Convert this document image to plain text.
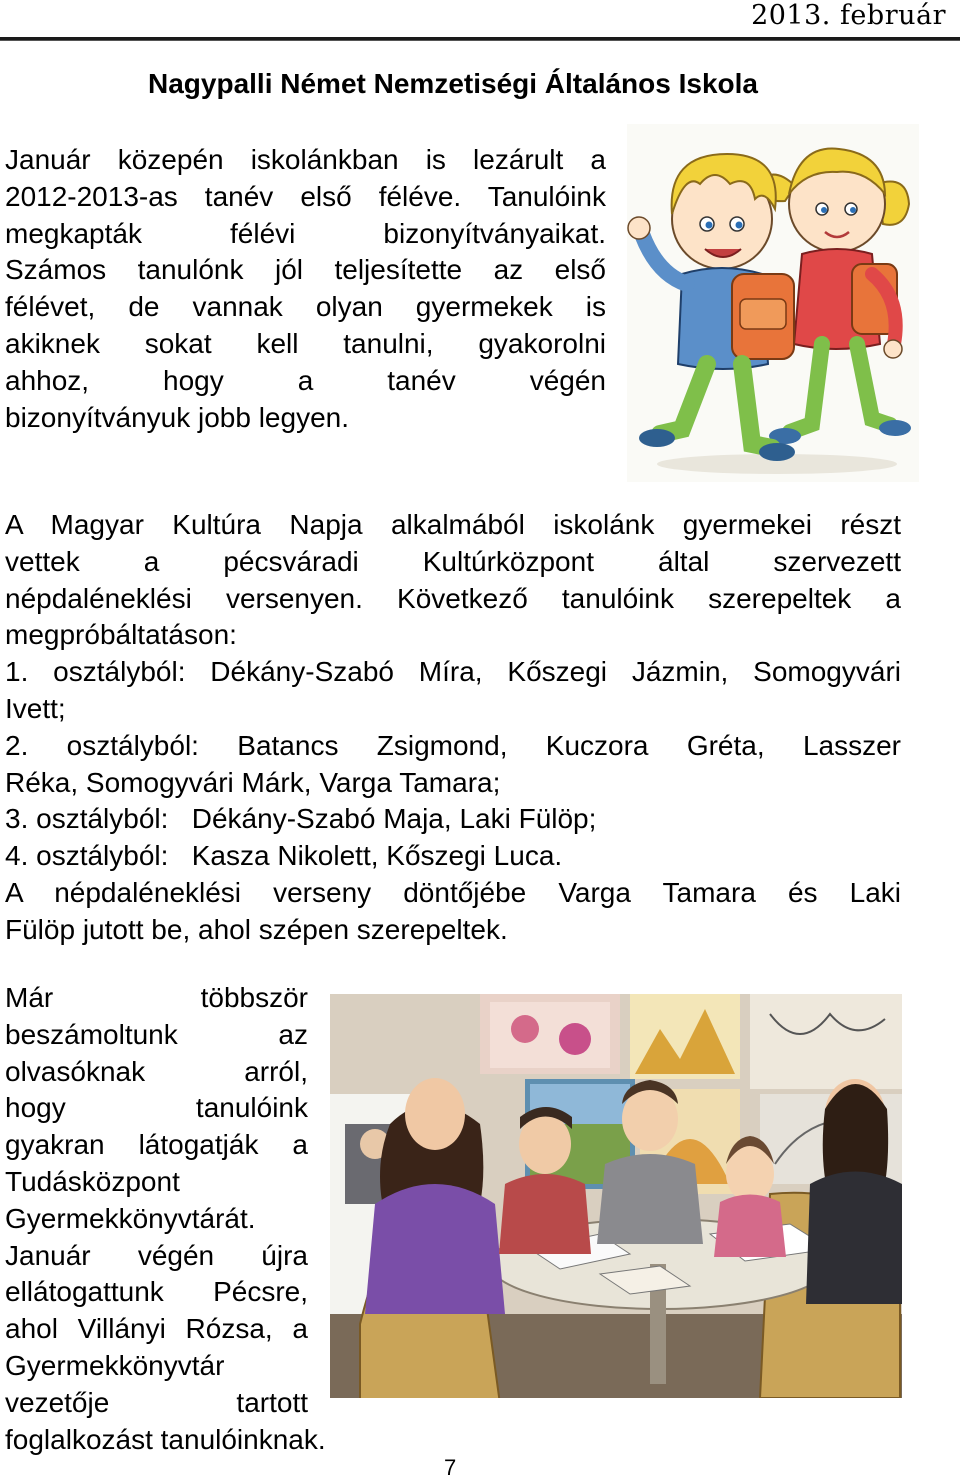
2013. február
Nagypalli Német Nemzetiségi Általános Iskola
Január közepén iskolánkban is lezárult a
2012-2013-as tanév első féléve. Tanulóink
megkapták félévi bizonyítványaikat.
Számos tanulónk jól teljesítette az első
félévet, de vannak olyan gyermekek is
akiknek sokat kell tanulni, gyakorolni
ahhoz, hogy a tanév végén
bizonyítványuk jobb legyen.
A Magyar Kultúra Napja alkalmából iskolánk gyermekei részt
vettek a pécsváradi Kultúrközpont által szervezett
népdaléneklési versenyen. Következő tanulóink szerepeltek a
megpróbáltatáson:
1. osztályból: Dékány-Szabó Míra, Kőszegi Jázmin, Somogyvári
Ivett;
2. osztályból: Batancs Zsigmond, Kuczora Gréta, Lasszer
Réka, Somogyvári Márk, Varga Tamara;
3. osztályból:   Dékány-Szabó Maja, Laki Fülöp;
4. osztályból:   Kasza Nikolett, Kőszegi Luca.
A népdaléneklési verseny döntőjébe Varga Tamara és Laki
Fülöp jutott be, ahol szépen szerepeltek.
Már többször
beszámoltunk az
olvasóknak arról,
hogy tanulóink
gyakran látogatják a
Tudásközpont
Gyermekkönyvtárát.
Január végén újra
ellátogattunk Pécsre,
ahol Villányi Rózsa, a
Gyermekkönyvtár
vezetője tartott
foglalkozást tanulóinknak.
7
